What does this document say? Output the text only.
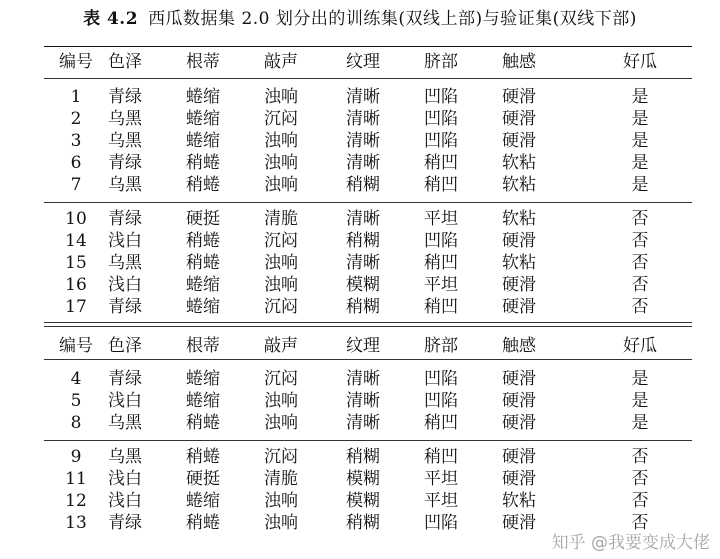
表 4.2 西瓜数据集 2.0 划分出的训练集(双线上部)与验证集(双线下部)
编号	色泽	根蒂	敲声	纹理	脐部	触感	好瓜

1	青绿	蜷缩	浊响	清晰	凹陷	硬滑	是
2	乌黑	蜷缩	沉闷	清晰	凹陷	硬滑	是
3	乌黑	蜷缩	浊响	清晰	凹陷	硬滑	是
6	青绿	稍蜷	浊响	清晰	稍凹	软粘	是
7	乌黑	稍蜷	浊响	稍糊	稍凹	软粘	是

10	青绿	硬挺	清脆	清晰	平坦	软粘	否
14	浅白	稍蜷	沉闷	稍糊	凹陷	硬滑	否
15	乌黑	稍蜷	浊响	清晰	稍凹	软粘	否
16	浅白	蜷缩	浊响	模糊	平坦	硬滑	否
17	青绿	蜷缩	沉闷	稍糊	稍凹	硬滑	否

编号	色泽	根蒂	敲声	纹理	脐部	触感	好瓜

4	青绿	蜷缩	沉闷	清晰	凹陷	硬滑	是
5	浅白	蜷缩	浊响	清晰	凹陷	硬滑	是
8	乌黑	稍蜷	浊响	清晰	稍凹	硬滑	是

9	乌黑	稍蜷	沉闷	稍糊	稍凹	硬滑	否
11	浅白	硬挺	清脆	模糊	平坦	硬滑	否
12	浅白	蜷缩	浊响	模糊	平坦	软粘	否
13	青绿	稍蜷	浊响	稍糊	凹陷	硬滑	否
知乎 @我要变成大佬
